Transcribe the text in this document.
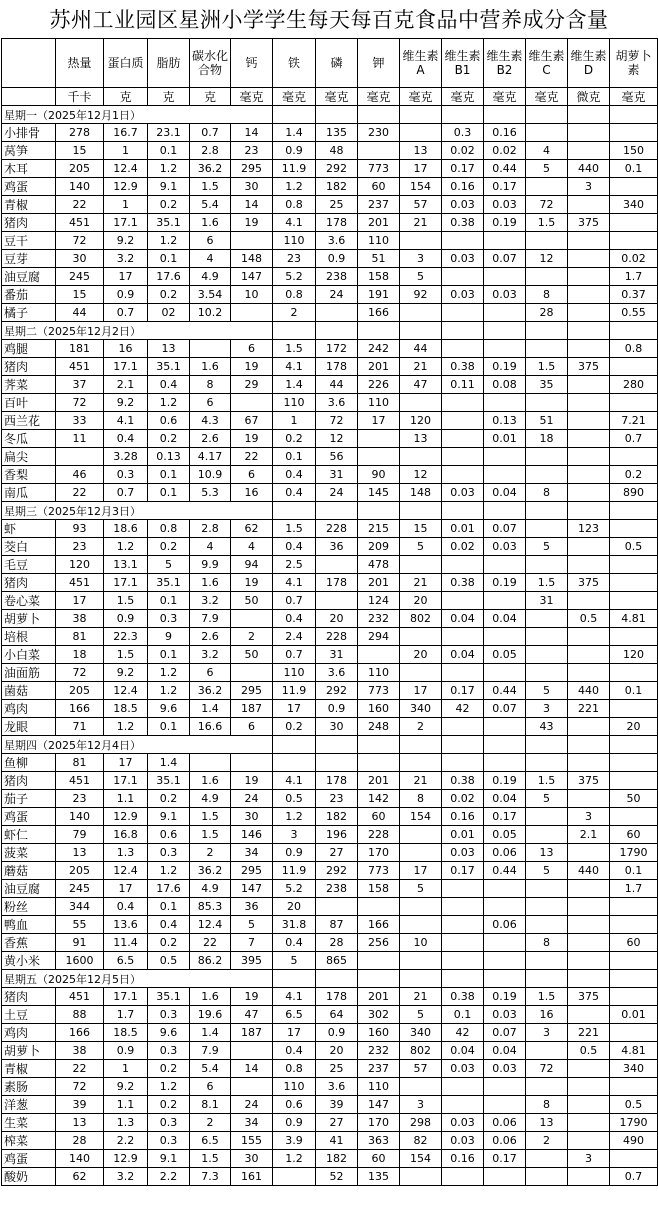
苏州工业园区星洲小学学生每天每百克食品中营养成分含量
	热量	蛋白质	脂肪	碳水化合物	钙	铁	磷	钾	维生素A	维生素B1	维生素B2	维生素C	维生素D	胡萝卜素
	千卡	克	克	克	毫克	毫克	毫克	毫克	毫克	毫克	毫克	毫克	微克	毫克
星期一（2025年12月1日）														
小排骨	278	16.7	23.1	0.7	14	1.4	135	230		0.3	0.16			
莴笋	15	1	0.1	2.8	23	0.9	48		13	0.02	0.02	4		150
木耳	205	12.4	1.2	36.2	295	11.9	292	773	17	0.17	0.44	5	440	0.1
鸡蛋	140	12.9	9.1	1.5	30	1.2	182	60	154	0.16	0.17		3	
青椒	22	1	0.2	5.4	14	0.8	25	237	57	0.03	0.03	72		340
猪肉	451	17.1	35.1	1.6	19	4.1	178	201	21	0.38	0.19	1.5	375	
豆干	72	9.2	1.2	6		110	3.6	110						
豆芽	30	3.2	0.1	4	148	23	0.9	51	3	0.03	0.07	12		0.02
油豆腐	245	17	17.6	4.9	147	5.2	238	158	5					1.7
番茄	15	0.9	0.2	3.54	10	0.8	24	191	92	0.03	0.03	8		0.37
橘子	44	0.7	02	10.2		2		166				28		0.55
星期二（2025年12月2日）														
鸡腿	181	16	13		6	1.5	172	242	44					0.8
猪肉	451	17.1	35.1	1.6	19	4.1	178	201	21	0.38	0.19	1.5	375	
荠菜	37	2.1	0.4	8	29	1.4	44	226	47	0.11	0.08	35		280
百叶	72	9.2	1.2	6		110	3.6	110						
西兰花	33	4.1	0.6	4.3	67	1	72	17	120		0.13	51		7.21
冬瓜	11	0.4	0.2	2.6	19	0.2	12		13		0.01	18		0.7
扁尖		3.28	0.13	4.17	22	0.1	56							
香梨	46	0.3	0.1	10.9	6	0.4	31	90	12					0.2
南瓜	22	0.7	0.1	5.3	16	0.4	24	145	148	0.03	0.04	8		890
星期三（2025年12月3日）														
虾	93	18.6	0.8	2.8	62	1.5	228	215	15	0.01	0.07		123	
茭白	23	1.2	0.2	4	4	0.4	36	209	5	0.02	0.03	5		0.5
毛豆	120	13.1	5	9.9	94	2.5		478						
猪肉	451	17.1	35.1	1.6	19	4.1	178	201	21	0.38	0.19	1.5	375	
卷心菜	17	1.5	0.1	3.2	50	0.7		124	20			31		
胡萝卜	38	0.9	0.3	7.9		0.4	20	232	802	0.04	0.04		0.5	4.81
培根	81	22.3	9	2.6	2	2.4	228	294						
小白菜	18	1.5	0.1	3.2	50	0.7	31		20	0.04	0.05			120
油面筋	72	9.2	1.2	6		110	3.6	110						
菌菇	205	12.4	1.2	36.2	295	11.9	292	773	17	0.17	0.44	5	440	0.1
鸡肉	166	18.5	9.6	1.4	187	17	0.9	160	340	42	0.07	3	221	
龙眼	71	1.2	0.1	16.6	6	0.2	30	248	2			43		20
星期四（2025年12月4日）														
鱼柳	81	17	1.4											
猪肉	451	17.1	35.1	1.6	19	4.1	178	201	21	0.38	0.19	1.5	375	
茄子	23	1.1	0.2	4.9	24	0.5	23	142	8	0.02	0.04	5		50
鸡蛋	140	12.9	9.1	1.5	30	1.2	182	60	154	0.16	0.17		3	
虾仁	79	16.8	0.6	1.5	146	3	196	228		0.01	0.05		2.1	60
菠菜	13	1.3	0.3	2	34	0.9	27	170		0.03	0.06	13		1790
蘑菇	205	12.4	1.2	36.2	295	11.9	292	773	17	0.17	0.44	5	440	0.1
油豆腐	245	17	17.6	4.9	147	5.2	238	158	5					1.7
粉丝	344	0.4	0.1	85.3	36	20								
鸭血	55	13.6	0.4	12.4	5	31.8	87	166			0.06			
香蕉	91	11.4	0.2	22	7	0.4	28	256	10			8		60
黄小米	1600	6.5	0.5	86.2	395	5	865							
星期五（2025年12月5日）														
猪肉	451	17.1	35.1	1.6	19	4.1	178	201	21	0.38	0.19	1.5	375	
土豆	88	1.7	0.3	19.6	47	6.5	64	302	5	0.1	0.03	16		0.01
鸡肉	166	18.5	9.6	1.4	187	17	0.9	160	340	42	0.07	3	221	
胡萝卜	38	0.9	0.3	7.9		0.4	20	232	802	0.04	0.04		0.5	4.81
青椒	22	1	0.2	5.4	14	0.8	25	237	57	0.03	0.03	72		340
素肠	72	9.2	1.2	6		110	3.6	110						
洋葱	39	1.1	0.2	8.1	24	0.6	39	147	3			8		0.5
生菜	13	1.3	0.3	2	34	0.9	27	170	298	0.03	0.06	13		1790
榨菜	28	2.2	0.3	6.5	155	3.9	41	363	82	0.03	0.06	2		490
鸡蛋	140	12.9	9.1	1.5	30	1.2	182	60	154	0.16	0.17		3	
酸奶	62	3.2	2.2	7.3	161		52	135						0.7
